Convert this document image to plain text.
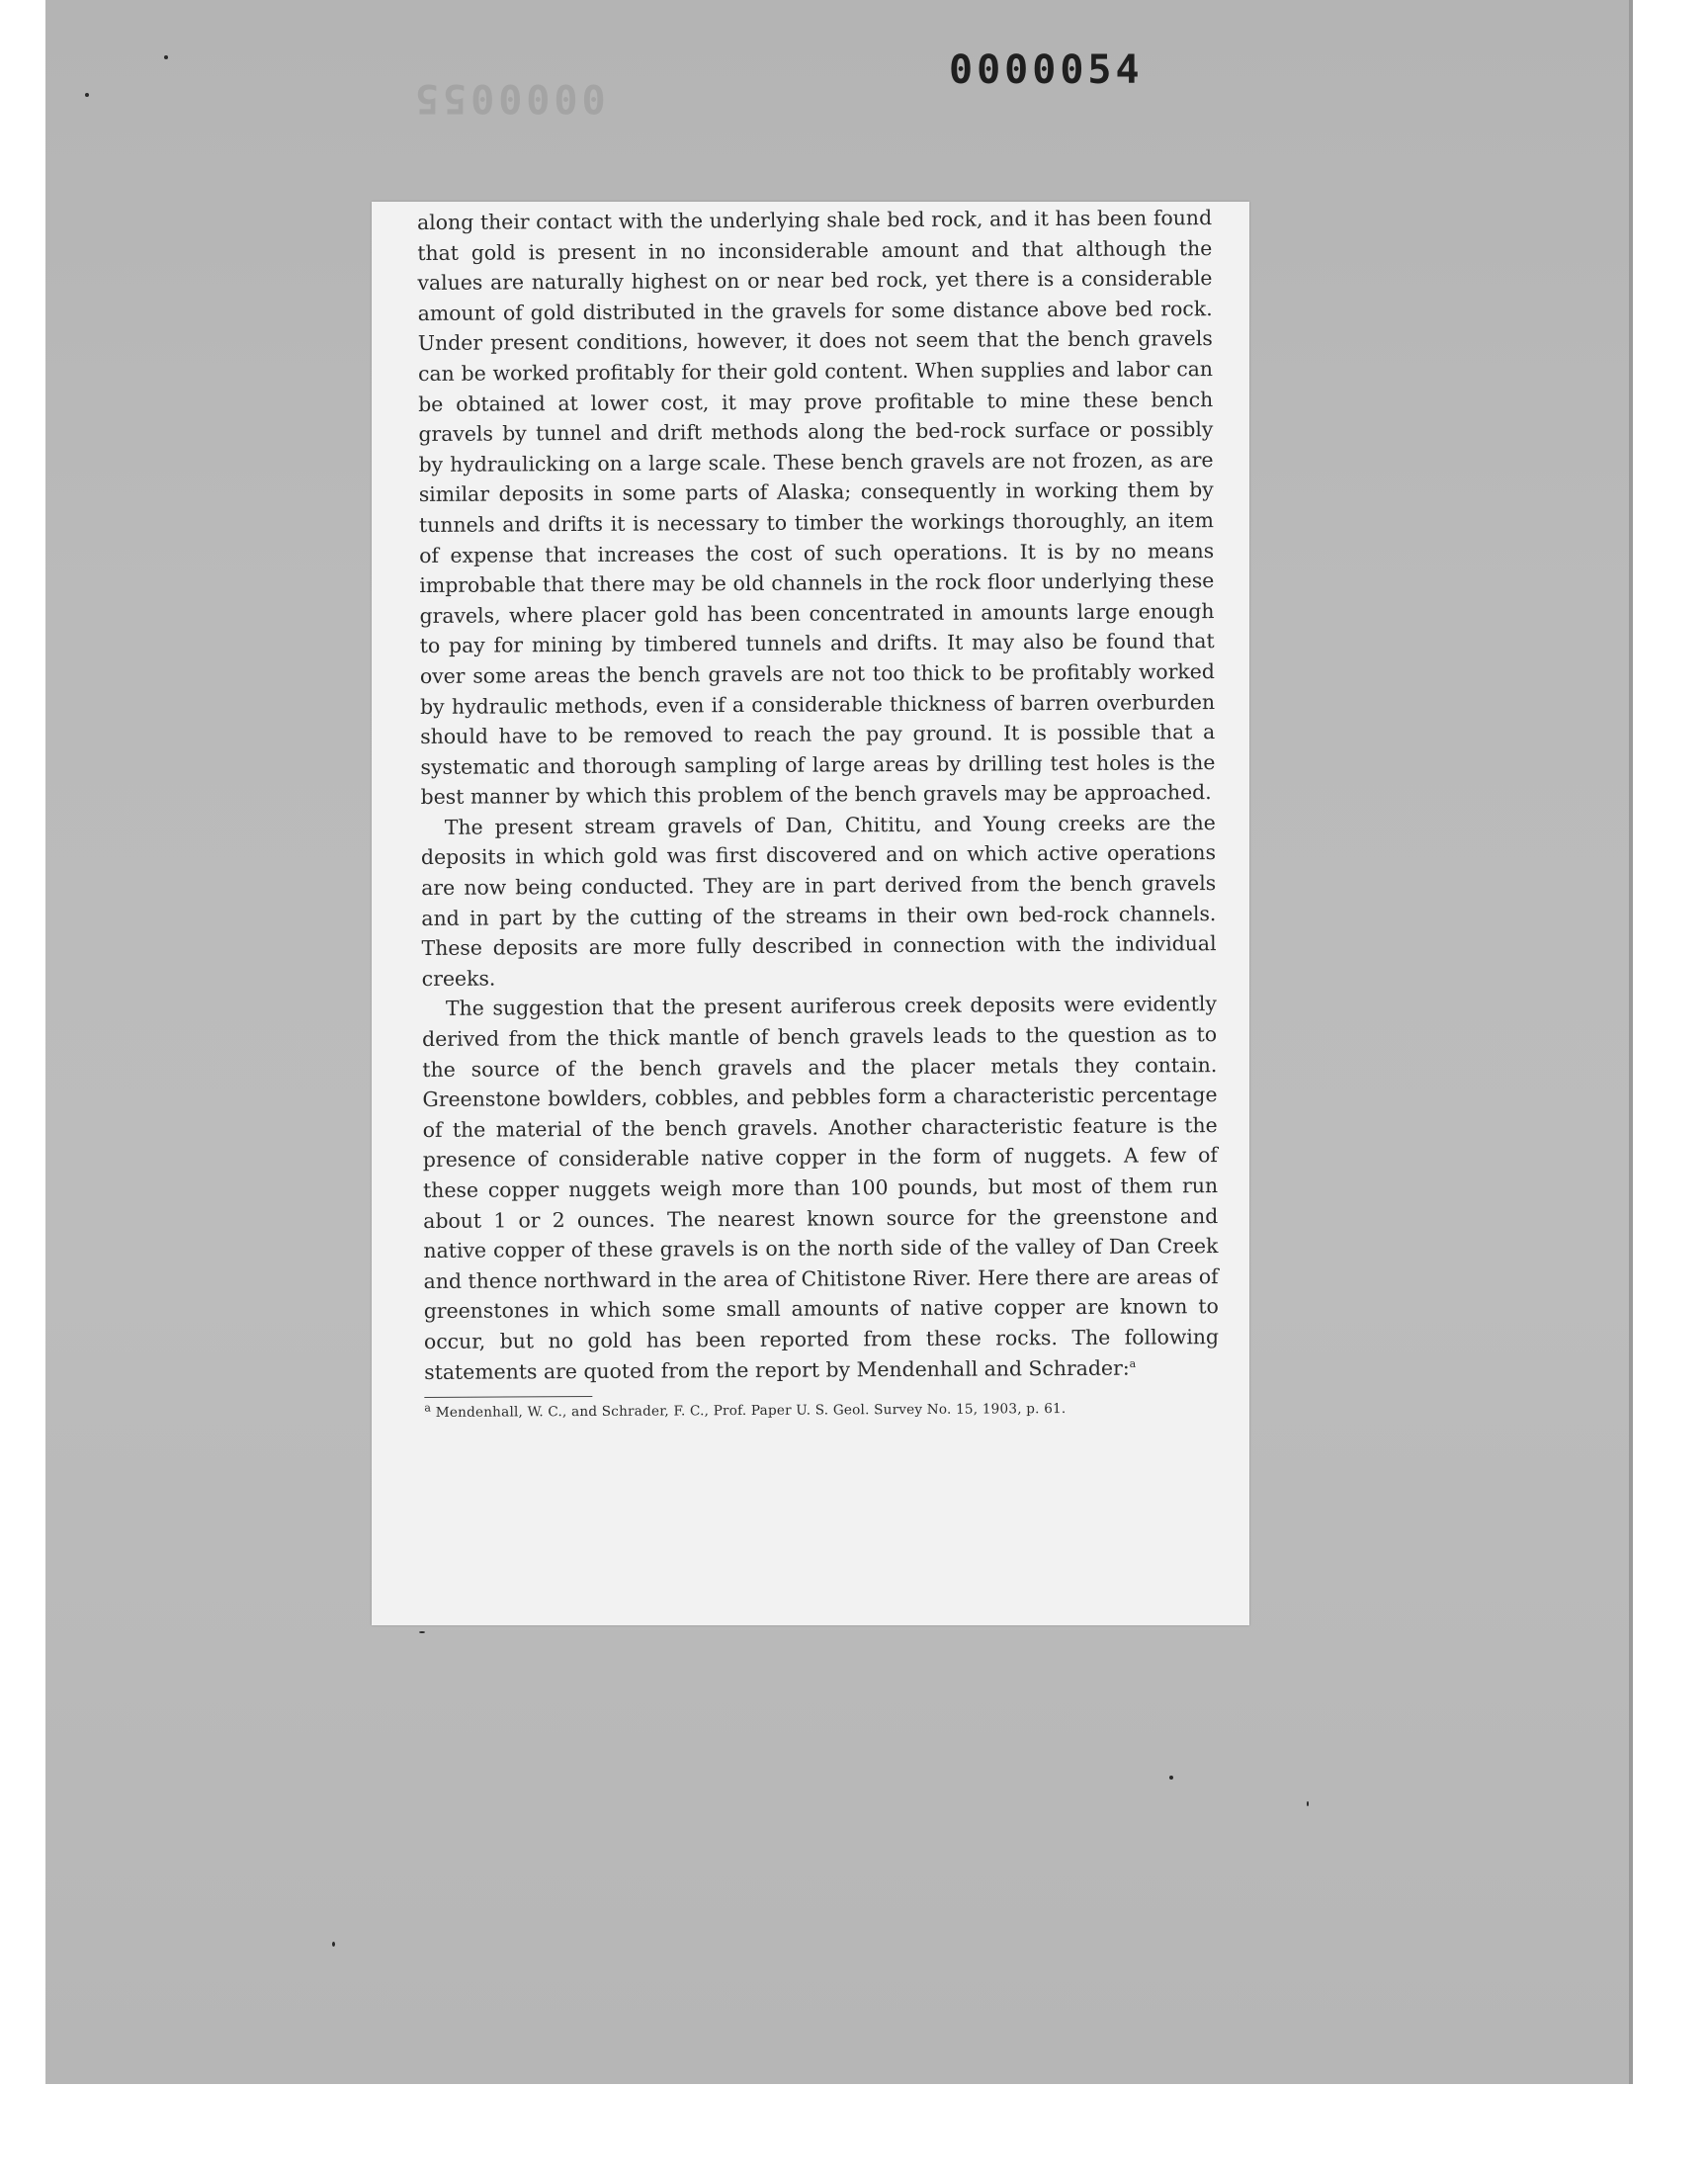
0000054
0000055

along their contact with the underlying shale bed rock, and it has been found that gold is present in no inconsiderable amount and that although the values are naturally highest on or near bed rock, yet there is a considerable amount of gold distributed in the gravels for some distance above bed rock. Under present conditions, however, it does not seem that the bench gravels can be worked profitably for their gold content. When supplies and labor can be obtained at lower cost, it may prove profitable to mine these bench gravels by tunnel and drift methods along the bed-rock surface or possibly by hydraulicking on a large scale. These bench gravels are not frozen, as are similar deposits in some parts of Alaska; consequently in working them by tunnels and drifts it is necessary to timber the workings thoroughly, an item of expense that increases the cost of such operations. It is by no means improbable that there may be old channels in the rock floor underlying these gravels, where placer gold has been concentrated in amounts large enough to pay for mining by timbered tunnels and drifts. It may also be found that over some areas the bench gravels are not too thick to be profitably worked by hydraulic methods, even if a considerable thickness of barren overburden should have to be removed to reach the pay ground. It is possible that a systematic and thorough sampling of large areas by drilling test holes is the best manner by which this problem of the bench gravels may be approached.

The present stream gravels of Dan, Chititu, and Young creeks are the deposits in which gold was first discovered and on which active operations are now being conducted. They are in part derived from the bench gravels and in part by the cutting of the streams in their own bed-rock channels. These deposits are more fully described in connection with the individual creeks.

The suggestion that the present auriferous creek deposits were evidently derived from the thick mantle of bench gravels leads to the question as to the source of the bench gravels and the placer metals they contain. Greenstone bowlders, cobbles, and pebbles form a characteristic percentage of the material of the bench gravels. Another characteristic feature is the presence of considerable native copper in the form of nuggets. A few of these copper nuggets weigh more than 100 pounds, but most of them run about 1 or 2 ounces. The nearest known source for the greenstone and native copper of these gravels is on the north side of the valley of Dan Creek and thence northward in the area of Chitistone River. Here there are areas of greenstones in which some small amounts of native copper are known to occur, but no gold has been reported from these rocks. The following statements are quoted from the report by Mendenhall and Schrader:$^a$

$^a$ Mendenhall, W. C., and Schrader, F. C., Prof. Paper U. S. Geol. Survey No. 15, 1903, p. 61.
